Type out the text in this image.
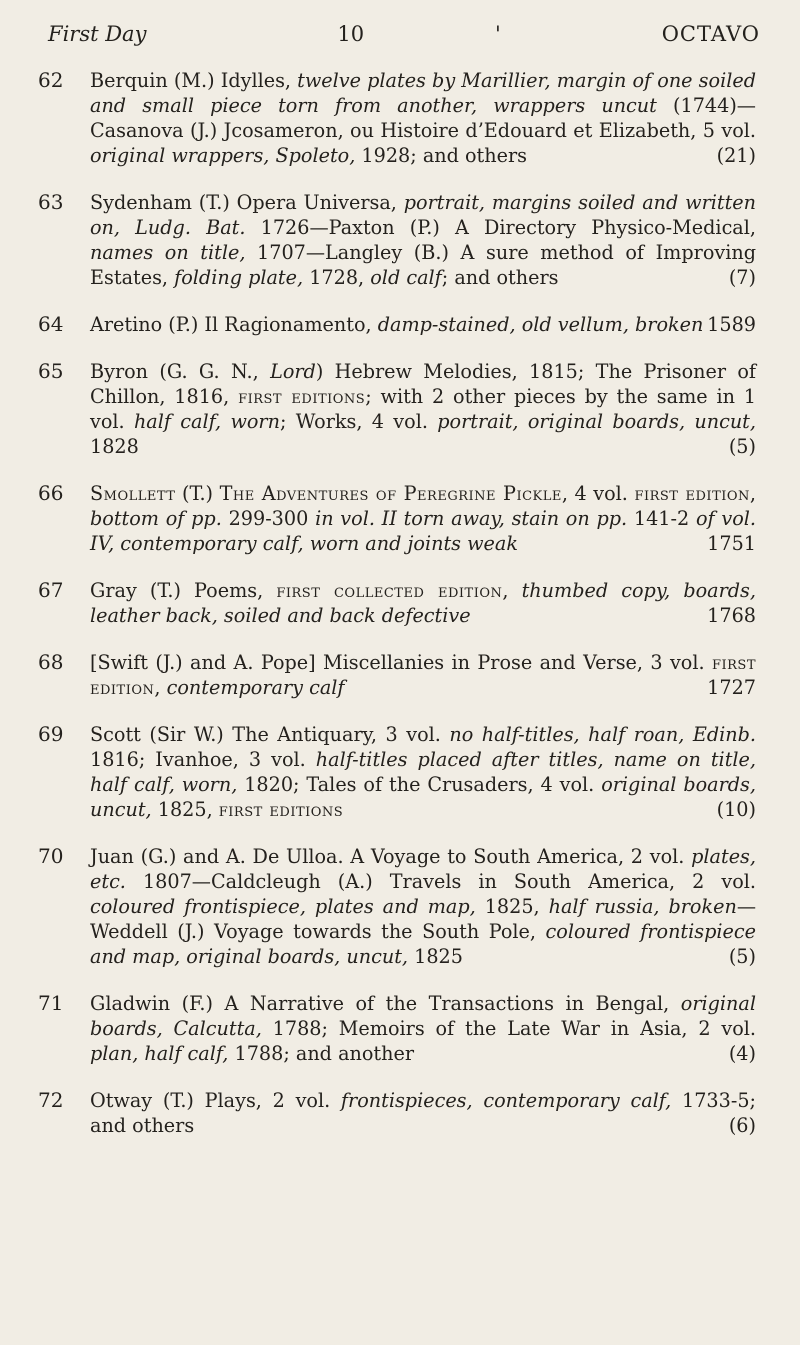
First Day	10	'	OCTAVO
62	Berquin (M.) Idylles, twelve plates by Marillier, margin of one soiled and small piece torn from another, wrappers uncut (1744)—Casanova (J.) Jcosameron, ou Histoire d’Edouard et Elizabeth, 5 vol. original wrappers, Spoleto, 1928; and others	(21)
63	Sydenham (T.) Opera Universa, portrait, margins soiled and written on, Ludg. Bat. 1726—Paxton (P.) A Directory Physico-Medical, names on title, 1707—Langley (B.) A sure method of Improving Estates, folding plate, 1728, old calf; and others	(7)
64	Aretino (P.) Il Ragionamento, damp-stained, old vellum, broken 1589
65	Byron (G. G. N., Lord) Hebrew Melodies, 1815; The Prisoner of Chillon, 1816, first editions; with 2 other pieces by the same in 1 vol. half calf, worn; Works, 4 vol. portrait, original boards, uncut, 1828	(5)
66	Smollett (T.) The Adventures of Peregrine Pickle, 4 vol. first edition, bottom of pp. 299-300 in vol. II torn away, stain on pp. 141-2 of vol. IV, contemporary calf, worn and joints weak	1751
67	Gray (T.) Poems, first collected edition, thumbed copy, boards, leather back, soiled and back defective	1768
68	[Swift (J.) and A. Pope] Miscellanies in Prose and Verse, 3 vol. first edition, contemporary calf	1727
69	Scott (Sir W.) The Antiquary, 3 vol. no half-titles, half roan, Edinb. 1816; Ivanhoe, 3 vol. half-titles placed after titles, name on title, half calf, worn, 1820; Tales of the Crusaders, 4 vol. original boards, uncut, 1825, first editions	(10)
70	Juan (G.) and A. De Ulloa. A Voyage to South America, 2 vol. plates, etc. 1807—Caldcleugh (A.) Travels in South America, 2 vol. coloured frontispiece, plates and map, 1825, half russia, broken—Weddell (J.) Voyage towards the South Pole, coloured frontispiece and map, original boards, uncut, 1825	(5)
71	Gladwin (F.) A Narrative of the Transactions in Bengal, original boards, Calcutta, 1788; Memoirs of the Late War in Asia, 2 vol. plan, half calf, 1788; and another	(4)
72	Otway (T.) Plays, 2 vol. frontispieces, contemporary calf, 1733-5; and others	(6)
